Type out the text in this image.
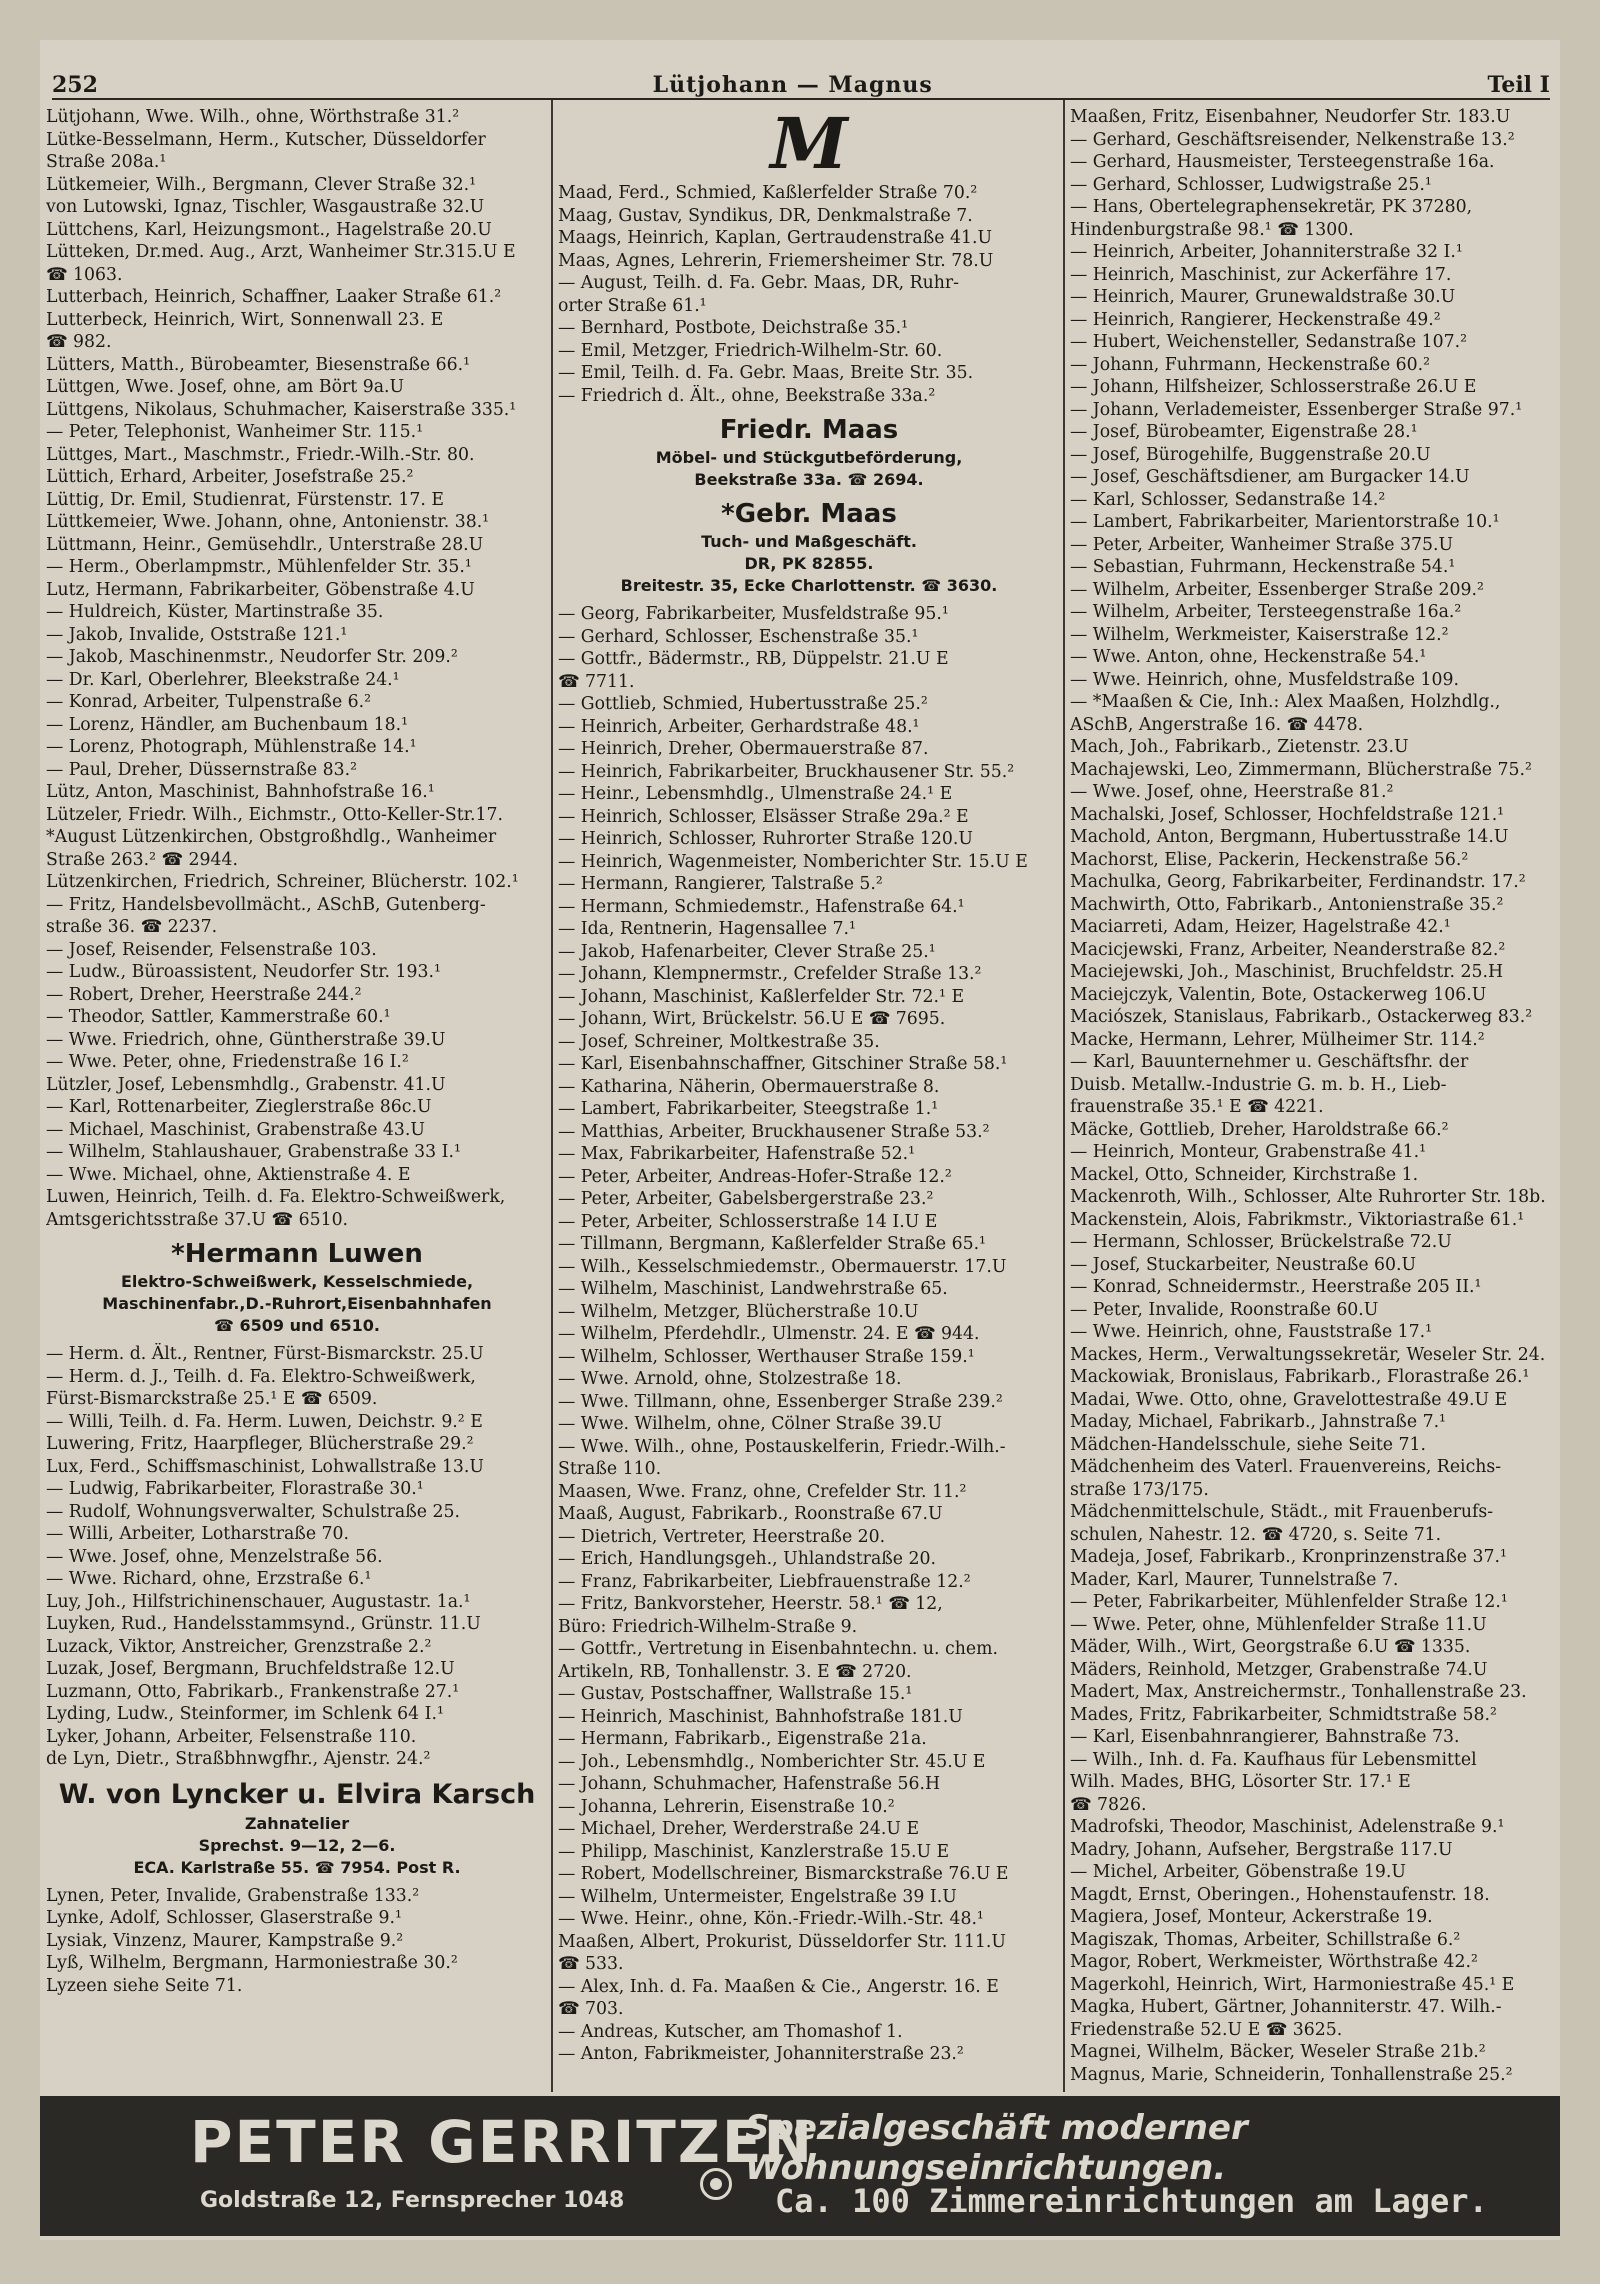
252	Lütjohann — Magnus	Teil I
Lütjohann, Wwe. Wilh., ohne, Wörthstraße 31.²
Lütke-Besselmann, Herm., Kutscher, Düsseldorfer
Straße 208a.¹
Lütkemeier, Wilh., Bergmann, Clever Straße 32.¹
von Lutowski, Ignaz, Tischler, Wasgaustraße 32.U
Lüttchens, Karl, Heizungsmont., Hagelstraße 20.U
Lütteken, Dr.med. Aug., Arzt, Wanheimer Str.315.U E
☎ 1063.
Lutterbach, Heinrich, Schaffner, Laaker Straße 61.²
Lutterbeck, Heinrich, Wirt, Sonnenwall 23. E
☎ 982.
Lütters, Matth., Bürobeamter, Biesenstraße 66.¹
Lüttgen, Wwe. Josef, ohne, am Bört 9a.U
Lüttgens, Nikolaus, Schuhmacher, Kaiserstraße 335.¹
— Peter, Telephonist, Wanheimer Str. 115.¹
Lüttges, Mart., Maschmstr., Friedr.-Wilh.-Str. 80.
Lüttich, Erhard, Arbeiter, Josefstraße 25.²
Lüttig, Dr. Emil, Studienrat, Fürstenstr. 17. E
Lüttkemeier, Wwe. Johann, ohne, Antonienstr. 38.¹
Lüttmann, Heinr., Gemüsehdlr., Unterstraße 28.U
— Herm., Oberlampmstr., Mühlenfelder Str. 35.¹
Lutz, Hermann, Fabrikarbeiter, Göbenstraße 4.U
— Huldreich, Küster, Martinstraße 35.
— Jakob, Invalide, Oststraße 121.¹
— Jakob, Maschinenmstr., Neudorfer Str. 209.²
— Dr. Karl, Oberlehrer, Bleekstraße 24.¹
— Konrad, Arbeiter, Tulpenstraße 6.²
— Lorenz, Händler, am Buchenbaum 18.¹
— Lorenz, Photograph, Mühlenstraße 14.¹
— Paul, Dreher, Düssernstraße 83.²
Lütz, Anton, Maschinist, Bahnhofstraße 16.¹
Lützeler, Friedr. Wilh., Eichmstr., Otto-Keller-Str.17.
*August Lützenkirchen, Obstgroßhdlg., Wanheimer
Straße 263.² ☎ 2944.
Lützenkirchen, Friedrich, Schreiner, Blücherstr. 102.¹
— Fritz, Handelsbevollmächt., ASchB, Gutenberg-
straße 36. ☎ 2237.
— Josef, Reisender, Felsenstraße 103.
— Ludw., Büroassistent, Neudorfer Str. 193.¹
— Robert, Dreher, Heerstraße 244.²
— Theodor, Sattler, Kammerstraße 60.¹
— Wwe. Friedrich, ohne, Güntherstraße 39.U
— Wwe. Peter, ohne, Friedenstraße 16 I.²
Lützler, Josef, Lebensmhdlg., Grabenstr. 41.U
— Karl, Rottenarbeiter, Zieglerstraße 86c.U
— Michael, Maschinist, Grabenstraße 43.U
— Wilhelm, Stahlaushauer, Grabenstraße 33 I.¹
— Wwe. Michael, ohne, Aktienstraße 4. E
Luwen, Heinrich, Teilh. d. Fa. Elektro-Schweißwerk,
Amtsgerichtsstraße 37.U ☎ 6510.
*Hermann Luwen
Elektro-Schweißwerk, Kesselschmiede,
Maschinenfabr.,D.-Ruhrort,Eisenbahnhafen
☎ 6509 und 6510.
— Herm. d. Ält., Rentner, Fürst-Bismarckstr. 25.U
— Herm. d. J., Teilh. d. Fa. Elektro-Schweißwerk,
Fürst-Bismarckstraße 25.¹ E ☎ 6509.
— Willi, Teilh. d. Fa. Herm. Luwen, Deichstr. 9.² E
Luwering, Fritz, Haarpfleger, Blücherstraße 29.²
Lux, Ferd., Schiffsmaschinist, Lohwallstraße 13.U
— Ludwig, Fabrikarbeiter, Florastraße 30.¹
— Rudolf, Wohnungsverwalter, Schulstraße 25.
— Willi, Arbeiter, Lotharstraße 70.
— Wwe. Josef, ohne, Menzelstraße 56.
— Wwe. Richard, ohne, Erzstraße 6.¹
Luy, Joh., Hilfstrichinenschauer, Augustastr. 1a.¹
Luyken, Rud., Handelsstammsynd., Grünstr. 11.U
Luzack, Viktor, Anstreicher, Grenzstraße 2.²
Luzak, Josef, Bergmann, Bruchfeldstraße 12.U
Luzmann, Otto, Fabrikarb., Frankenstraße 27.¹
Lyding, Ludw., Steinformer, im Schlenk 64 I.¹
Lyker, Johann, Arbeiter, Felsenstraße 110.
de Lyn, Dietr., Straßbhnwgfhr., Ajenstr. 24.²
W. von Lyncker u. Elvira Karsch
Zahnatelier
Sprechst. 9—12, 2—6.
ECA. Karlstraße 55. ☎ 7954. Post R.
Lynen, Peter, Invalide, Grabenstraße 133.²
Lynke, Adolf, Schlosser, Glaserstraße 9.¹
Lysiak, Vinzenz, Maurer, Kampstraße 9.²
Lyß, Wilhelm, Bergmann, Harmoniestraße 30.²
Lyzeen siehe Seite 71.
M
Maad, Ferd., Schmied, Kaßlerfelder Straße 70.²
Maag, Gustav, Syndikus, DR, Denkmalstraße 7.
Maags, Heinrich, Kaplan, Gertraudenstraße 41.U
Maas, Agnes, Lehrerin, Friemersheimer Str. 78.U
— August, Teilh. d. Fa. Gebr. Maas, DR, Ruhr-
orter Straße 61.¹
— Bernhard, Postbote, Deichstraße 35.¹
— Emil, Metzger, Friedrich-Wilhelm-Str. 60.
— Emil, Teilh. d. Fa. Gebr. Maas, Breite Str. 35.
— Friedrich d. Ält., ohne, Beekstraße 33a.²
Friedr. Maas
Möbel- und Stückgutbeförderung,
Beekstraße 33a. ☎ 2694.
*Gebr. Maas
Tuch- und Maßgeschäft.
DR, PK 82855.
Breitestr. 35, Ecke Charlottenstr. ☎ 3630.
— Georg, Fabrikarbeiter, Musfeldstraße 95.¹
— Gerhard, Schlosser, Eschenstraße 35.¹
— Gottfr., Bädermstr., RB, Düppelstr. 21.U E
☎ 7711.
— Gottlieb, Schmied, Hubertusstraße 25.²
— Heinrich, Arbeiter, Gerhardstraße 48.¹
— Heinrich, Dreher, Obermauerstraße 87.
— Heinrich, Fabrikarbeiter, Bruckhausener Str. 55.²
— Heinr., Lebensmhdlg., Ulmenstraße 24.¹ E
— Heinrich, Schlosser, Elsässer Straße 29a.² E
— Heinrich, Schlosser, Ruhrorter Straße 120.U
— Heinrich, Wagenmeister, Nomberichter Str. 15.U E
— Hermann, Rangierer, Talstraße 5.²
— Hermann, Schmiedemstr., Hafenstraße 64.¹
— Ida, Rentnerin, Hagensallee 7.¹
— Jakob, Hafenarbeiter, Clever Straße 25.¹
— Johann, Klempnermstr., Crefelder Straße 13.²
— Johann, Maschinist, Kaßlerfelder Str. 72.¹ E
— Johann, Wirt, Brückelstr. 56.U E ☎ 7695.
— Josef, Schreiner, Moltkestraße 35.
— Karl, Eisenbahnschaffner, Gitschiner Straße 58.¹
— Katharina, Näherin, Obermauerstraße 8.
— Lambert, Fabrikarbeiter, Steegstraße 1.¹
— Matthias, Arbeiter, Bruckhausener Straße 53.²
— Max, Fabrikarbeiter, Hafenstraße 52.¹
— Peter, Arbeiter, Andreas-Hofer-Straße 12.²
— Peter, Arbeiter, Gabelsbergerstraße 23.²
— Peter, Arbeiter, Schlosserstraße 14 I.U E
— Tillmann, Bergmann, Kaßlerfelder Straße 65.¹
— Wilh., Kesselschmiedemstr., Obermauerstr. 17.U
— Wilhelm, Maschinist, Landwehrstraße 65.
— Wilhelm, Metzger, Blücherstraße 10.U
— Wilhelm, Pferdehdlr., Ulmenstr. 24. E ☎ 944.
— Wilhelm, Schlosser, Werthauser Straße 159.¹
— Wwe. Arnold, ohne, Stolzestraße 18.
— Wwe. Tillmann, ohne, Essenberger Straße 239.²
— Wwe. Wilhelm, ohne, Cölner Straße 39.U
— Wwe. Wilh., ohne, Postauskelferin, Friedr.-Wilh.-
Straße 110.
Maasen, Wwe. Franz, ohne, Crefelder Str. 11.²
Maaß, August, Fabrikarb., Roonstraße 67.U
— Dietrich, Vertreter, Heerstraße 20.
— Erich, Handlungsgeh., Uhlandstraße 20.
— Franz, Fabrikarbeiter, Liebfrauenstraße 12.²
— Fritz, Bankvorsteher, Heerstr. 58.¹ ☎ 12,
Büro: Friedrich-Wilhelm-Straße 9.
— Gottfr., Vertretung in Eisenbahntechn. u. chem.
Artikeln, RB, Tonhallenstr. 3. E ☎ 2720.
— Gustav, Postschaffner, Wallstraße 15.¹
— Heinrich, Maschinist, Bahnhofstraße 181.U
— Hermann, Fabrikarb., Eigenstraße 21a.
— Joh., Lebensmhdlg., Nomberichter Str. 45.U E
— Johann, Schuhmacher, Hafenstraße 56.H
— Johanna, Lehrerin, Eisenstraße 10.²
— Michael, Dreher, Werderstraße 24.U E
— Philipp, Maschinist, Kanzlerstraße 15.U E
— Robert, Modellschreiner, Bismarckstraße 76.U E
— Wilhelm, Untermeister, Engelstraße 39 I.U
— Wwe. Heinr., ohne, Kön.-Friedr.-Wilh.-Str. 48.¹
Maaßen, Albert, Prokurist, Düsseldorfer Str. 111.U
☎ 533.
— Alex, Inh. d. Fa. Maaßen & Cie., Angerstr. 16. E
☎ 703.
— Andreas, Kutscher, am Thomashof 1.
— Anton, Fabrikmeister, Johanniterstraße 23.²
Maaßen, Fritz, Eisenbahner, Neudorfer Str. 183.U
— Gerhard, Geschäftsreisender, Nelkenstraße 13.²
— Gerhard, Hausmeister, Tersteegenstraße 16a.
— Gerhard, Schlosser, Ludwigstraße 25.¹
— Hans, Obertelegraphensekretär, PK 37280,
Hindenburgstraße 98.¹ ☎ 1300.
— Heinrich, Arbeiter, Johanniterstraße 32 I.¹
— Heinrich, Maschinist, zur Ackerfähre 17.
— Heinrich, Maurer, Grunewaldstraße 30.U
— Heinrich, Rangierer, Heckenstraße 49.²
— Hubert, Weichensteller, Sedanstraße 107.²
— Johann, Fuhrmann, Heckenstraße 60.²
— Johann, Hilfsheizer, Schlosserstraße 26.U E
— Johann, Verlademeister, Essenberger Straße 97.¹
— Josef, Bürobeamter, Eigenstraße 28.¹
— Josef, Bürogehilfe, Buggenstraße 20.U
— Josef, Geschäftsdiener, am Burgacker 14.U
— Karl, Schlosser, Sedanstraße 14.²
— Lambert, Fabrikarbeiter, Marientorstraße 10.¹
— Peter, Arbeiter, Wanheimer Straße 375.U
— Sebastian, Fuhrmann, Heckenstraße 54.¹
— Wilhelm, Arbeiter, Essenberger Straße 209.²
— Wilhelm, Arbeiter, Tersteegenstraße 16a.²
— Wilhelm, Werkmeister, Kaiserstraße 12.²
— Wwe. Anton, ohne, Heckenstraße 54.¹
— Wwe. Heinrich, ohne, Musfeldstraße 109.
— *Maaßen & Cie, Inh.: Alex Maaßen, Holzhdlg.,
ASchB, Angerstraße 16. ☎ 4478.
Mach, Joh., Fabrikarb., Zietenstr. 23.U
Machajewski, Leo, Zimmermann, Blücherstraße 75.²
— Wwe. Josef, ohne, Heerstraße 81.²
Machalski, Josef, Schlosser, Hochfeldstraße 121.¹
Machold, Anton, Bergmann, Hubertusstraße 14.U
Machorst, Elise, Packerin, Heckenstraße 56.²
Machulka, Georg, Fabrikarbeiter, Ferdinandstr. 17.²
Machwirth, Otto, Fabrikarb., Antonienstraße 35.²
Maciarreti, Adam, Heizer, Hagelstraße 42.¹
Macicjewski, Franz, Arbeiter, Neanderstraße 82.²
Maciejewski, Joh., Maschinist, Bruchfeldstr. 25.H
Maciejczyk, Valentin, Bote, Ostackerweg 106.U
Maciószek, Stanislaus, Fabrikarb., Ostackerweg 83.²
Macke, Hermann, Lehrer, Mülheimer Str. 114.²
— Karl, Bauunternehmer u. Geschäftsfhr. der
Duisb. Metallw.-Industrie G. m. b. H., Lieb-
frauenstraße 35.¹ E ☎ 4221.
Mäcke, Gottlieb, Dreher, Haroldstraße 66.²
— Heinrich, Monteur, Grabenstraße 41.¹
Mackel, Otto, Schneider, Kirchstraße 1.
Mackenroth, Wilh., Schlosser, Alte Ruhrorter Str. 18b.
Mackenstein, Alois, Fabrikmstr., Viktoriastraße 61.¹
— Hermann, Schlosser, Brückelstraße 72.U
— Josef, Stuckarbeiter, Neustraße 60.U
— Konrad, Schneidermstr., Heerstraße 205 II.¹
— Peter, Invalide, Roonstraße 60.U
— Wwe. Heinrich, ohne, Fauststraße 17.¹
Mackes, Herm., Verwaltungssekretär, Weseler Str. 24.
Mackowiak, Bronislaus, Fabrikarb., Florastraße 26.¹
Madai, Wwe. Otto, ohne, Gravelottestraße 49.U E
Maday, Michael, Fabrikarb., Jahnstraße 7.¹
Mädchen-Handelsschule, siehe Seite 71.
Mädchenheim des Vaterl. Frauenvereins, Reichs-
straße 173/175.
Mädchenmittelschule, Städt., mit Frauenberufs-
schulen, Nahestr. 12. ☎ 4720, s. Seite 71.
Madeja, Josef, Fabrikarb., Kronprinzenstraße 37.¹
Mader, Karl, Maurer, Tunnelstraße 7.
— Peter, Fabrikarbeiter, Mühlenfelder Straße 12.¹
— Wwe. Peter, ohne, Mühlenfelder Straße 11.U
Mäder, Wilh., Wirt, Georgstraße 6.U ☎ 1335.
Mäders, Reinhold, Metzger, Grabenstraße 74.U
Madert, Max, Anstreichermstr., Tonhallenstraße 23.
Mades, Fritz, Fabrikarbeiter, Schmidtstraße 58.²
— Karl, Eisenbahnrangierer, Bahnstraße 73.
— Wilh., Inh. d. Fa. Kaufhaus für Lebensmittel
Wilh. Mades, BHG, Lösorter Str. 17.¹ E
☎ 7826.
Madrofski, Theodor, Maschinist, Adelenstraße 9.¹
Madry, Johann, Aufseher, Bergstraße 117.U
— Michel, Arbeiter, Göbenstraße 19.U
Magdt, Ernst, Oberingen., Hohenstaufenstr. 18.
Magiera, Josef, Monteur, Ackerstraße 19.
Magiszak, Thomas, Arbeiter, Schillstraße 6.²
Magor, Robert, Werkmeister, Wörthstraße 42.²
Magerkohl, Heinrich, Wirt, Harmoniestraße 45.¹ E
Magka, Hubert, Gärtner, Johanniterstr. 47. Wilh.-
Friedenstraße 52.U E ☎ 3625.
Magnei, Wilhelm, Bäcker, Weseler Straße 21b.²
Magnus, Marie, Schneiderin, Tonhallenstraße 25.²
PETER GERRITZEN
Goldstraße 12, Fernsprecher 1048
Spezialgeschäft moderner Wohnungseinrichtungen.
Ca. 100 Zimmereinrichtungen am Lager.
